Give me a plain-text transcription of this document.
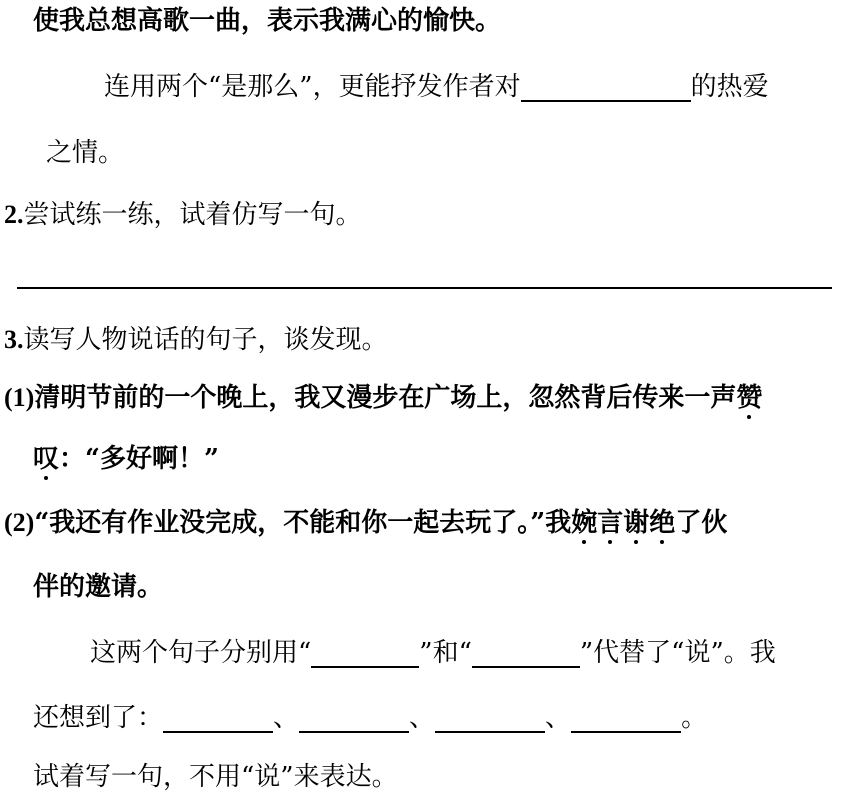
使我总想高歌一曲，表示我满心的愉快。
连用两个“是那么”，更能抒发作者对	的热爱
之情。
2.尝试练一练，试着仿写一句。
3.读写人物说话的句子，谈发现。
(1)清明节前的一个晚上，我又漫步在广场上，忽然背后传来一声赞
叹：“多好啊！”
(2)“我还有作业没完成，不能和你一起去玩了。”我婉言谢绝了伙
伴的邀请。
这两个句子分别用“	”和“	”代替了“说”。我
还想到了：	、	、	、	。
试着写一句，不用“说”来表达。
